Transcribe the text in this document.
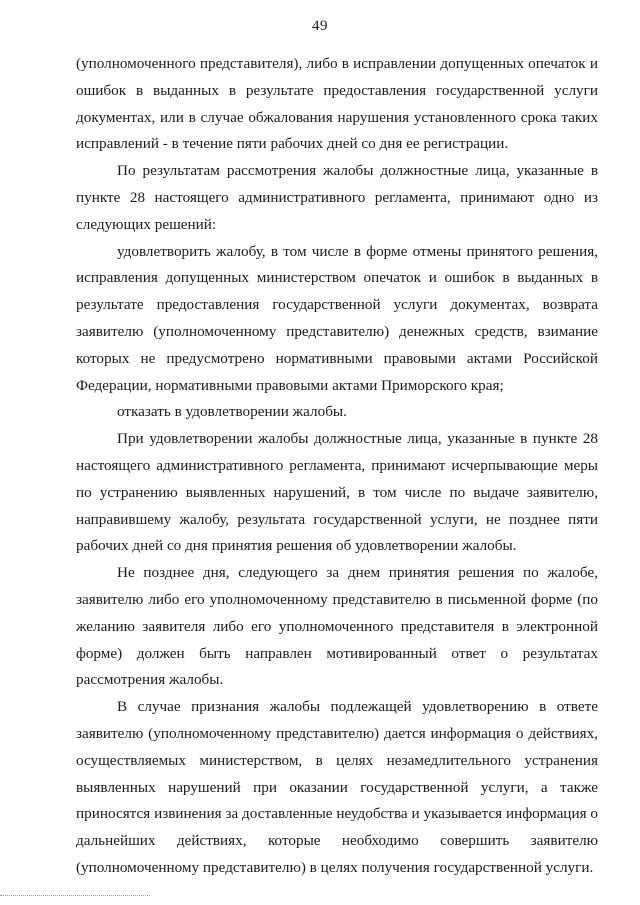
49

(уполномоченного представителя), либо в исправлении допущенных опечаток и ошибок в выданных в результате предоставления государственной услуги документах, или в случае обжалования нарушения установленного срока таких исправлений - в течение пяти рабочих дней со дня ее регистрации.

По результатам рассмотрения жалобы должностные лица, указанные в пункте 28 настоящего административного регламента, принимают одно из следующих решений:

удовлетворить жалобу, в том числе в форме отмены принятого решения, исправления допущенных министерством опечаток и ошибок в выданных в результате предоставления государственной услуги документах, возврата заявителю (уполномоченному представителю) денежных средств, взимание которых не предусмотрено нормативными правовыми актами Российской Федерации, нормативными правовыми актами Приморского края;

отказать в удовлетворении жалобы.

При удовлетворении жалобы должностные лица, указанные в пункте 28 настоящего административного регламента, принимают исчерпывающие меры по устранению выявленных нарушений, в том числе по выдаче заявителю, направившему жалобу, результата государственной услуги, не позднее пяти рабочих дней со дня принятия решения об удовлетворении жалобы.

Не позднее дня, следующего за днем принятия решения по жалобе, заявителю либо его уполномоченному представителю в письменной форме (по желанию заявителя либо его уполномоченного представителя в электронной форме) должен быть направлен мотивированный ответ о результатах рассмотрения жалобы.

В случае признания жалобы подлежащей удовлетворению в ответе заявителю (уполномоченному представителю) дается информация о действиях, осуществляемых министерством, в целях незамедлительного устранения выявленных нарушений при оказании государственной услуги, а также приносятся извинения за доставленные неудобства и указывается информация о дальнейших действиях, которые необходимо совершить заявителю (уполномоченному представителю) в целях получения государственной услуги.
